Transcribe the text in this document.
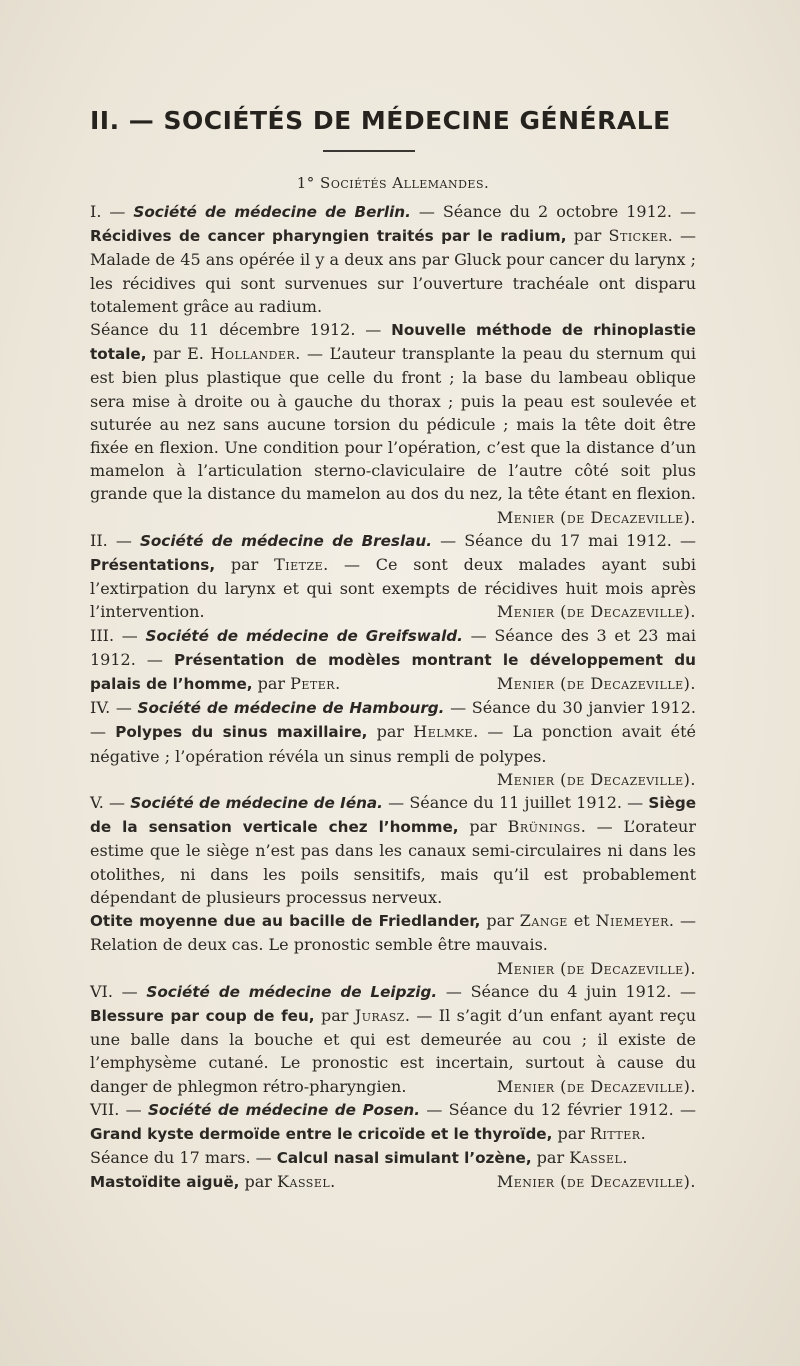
II. — SOCIÉTÉS DE MÉDECINE GÉNÉRALE
1° Sociétés Allemandes.

I. — Société de médecine de Berlin. — Séance du 2 octobre 1912. — Récidives de cancer pharyngien traités par le radium, par Sticker. — Malade de 45 ans opérée il y a deux ans par Gluck pour cancer du larynx ; les récidives qui sont survenues sur l’ouverture trachéale ont disparu totalement grâce au radium.

Séance du 11 décembre 1912. — Nouvelle méthode de rhinoplastie totale, par E. Hollander. — L’auteur transplante la peau du sternum qui est bien plus plastique que celle du front ; la base du lambeau oblique sera mise à droite ou à gauche du thorax ; puis la peau est soulevée et suturée au nez sans aucune torsion du pédicule ; mais la tête doit être fixée en flexion. Une condition pour l’opération, c’est que la distance d’un mamelon à l’articulation sterno-claviculaire de l’autre côté soit plus grande que la distance du mamelon au dos du nez, la tête étant en flexion.
Menier (de Decazeville).

II. — Société de médecine de Breslau. — Séance du 17 mai 1912. — Présentations, par Tietze. — Ce sont deux malades ayant subi l’extirpation du larynx et qui sont exempts de récidives huit mois après l’intervention.	Menier (de Decazeville).

III. — Société de médecine de Greifswald. — Séance des 3 et 23 mai 1912. — Présentation de modèles montrant le développement du palais de l’homme, par Peter.	Menier (de Decazeville).

IV. — Société de médecine de Hambourg. — Séance du 30 janvier 1912. — Polypes du sinus maxillaire, par Helmke. — La ponction avait été négative ; l’opération révéla un sinus rempli de polypes.
Menier (de Decazeville).

V. — Société de médecine de Iéna. — Séance du 11 juillet 1912. — Siège de la sensation verticale chez l’homme, par Brünings. — L’orateur estime que le siège n’est pas dans les canaux semi-circulaires ni dans les otolithes, ni dans les poils sensitifs, mais qu’il est probablement dépendant de plusieurs processus nerveux.

Otite moyenne due au bacille de Friedlander, par Zange et Niemeyer. — Relation de deux cas. Le pronostic semble être mauvais.
Menier (de Decazeville).

VI. — Société de médecine de Leipzig. — Séance du 4 juin 1912. — Blessure par coup de feu, par Jurasz. — Il s’agit d’un enfant ayant reçu une balle dans la bouche et qui est demeurée au cou ; il existe de l’emphysème cutané. Le pronostic est incertain, surtout à cause du danger de phlegmon rétro-pharyngien.	Menier (de Decazeville).

VII. — Société de médecine de Posen. — Séance du 12 février 1912. — Grand kyste dermoïde entre le cricoïde et le thyroïde, par Ritter.

Séance du 17 mars. — Calcul nasal simulant l’ozène, par Kassel.

Mastoïdite aiguë, par Kassel.	Menier (de Decazeville).
